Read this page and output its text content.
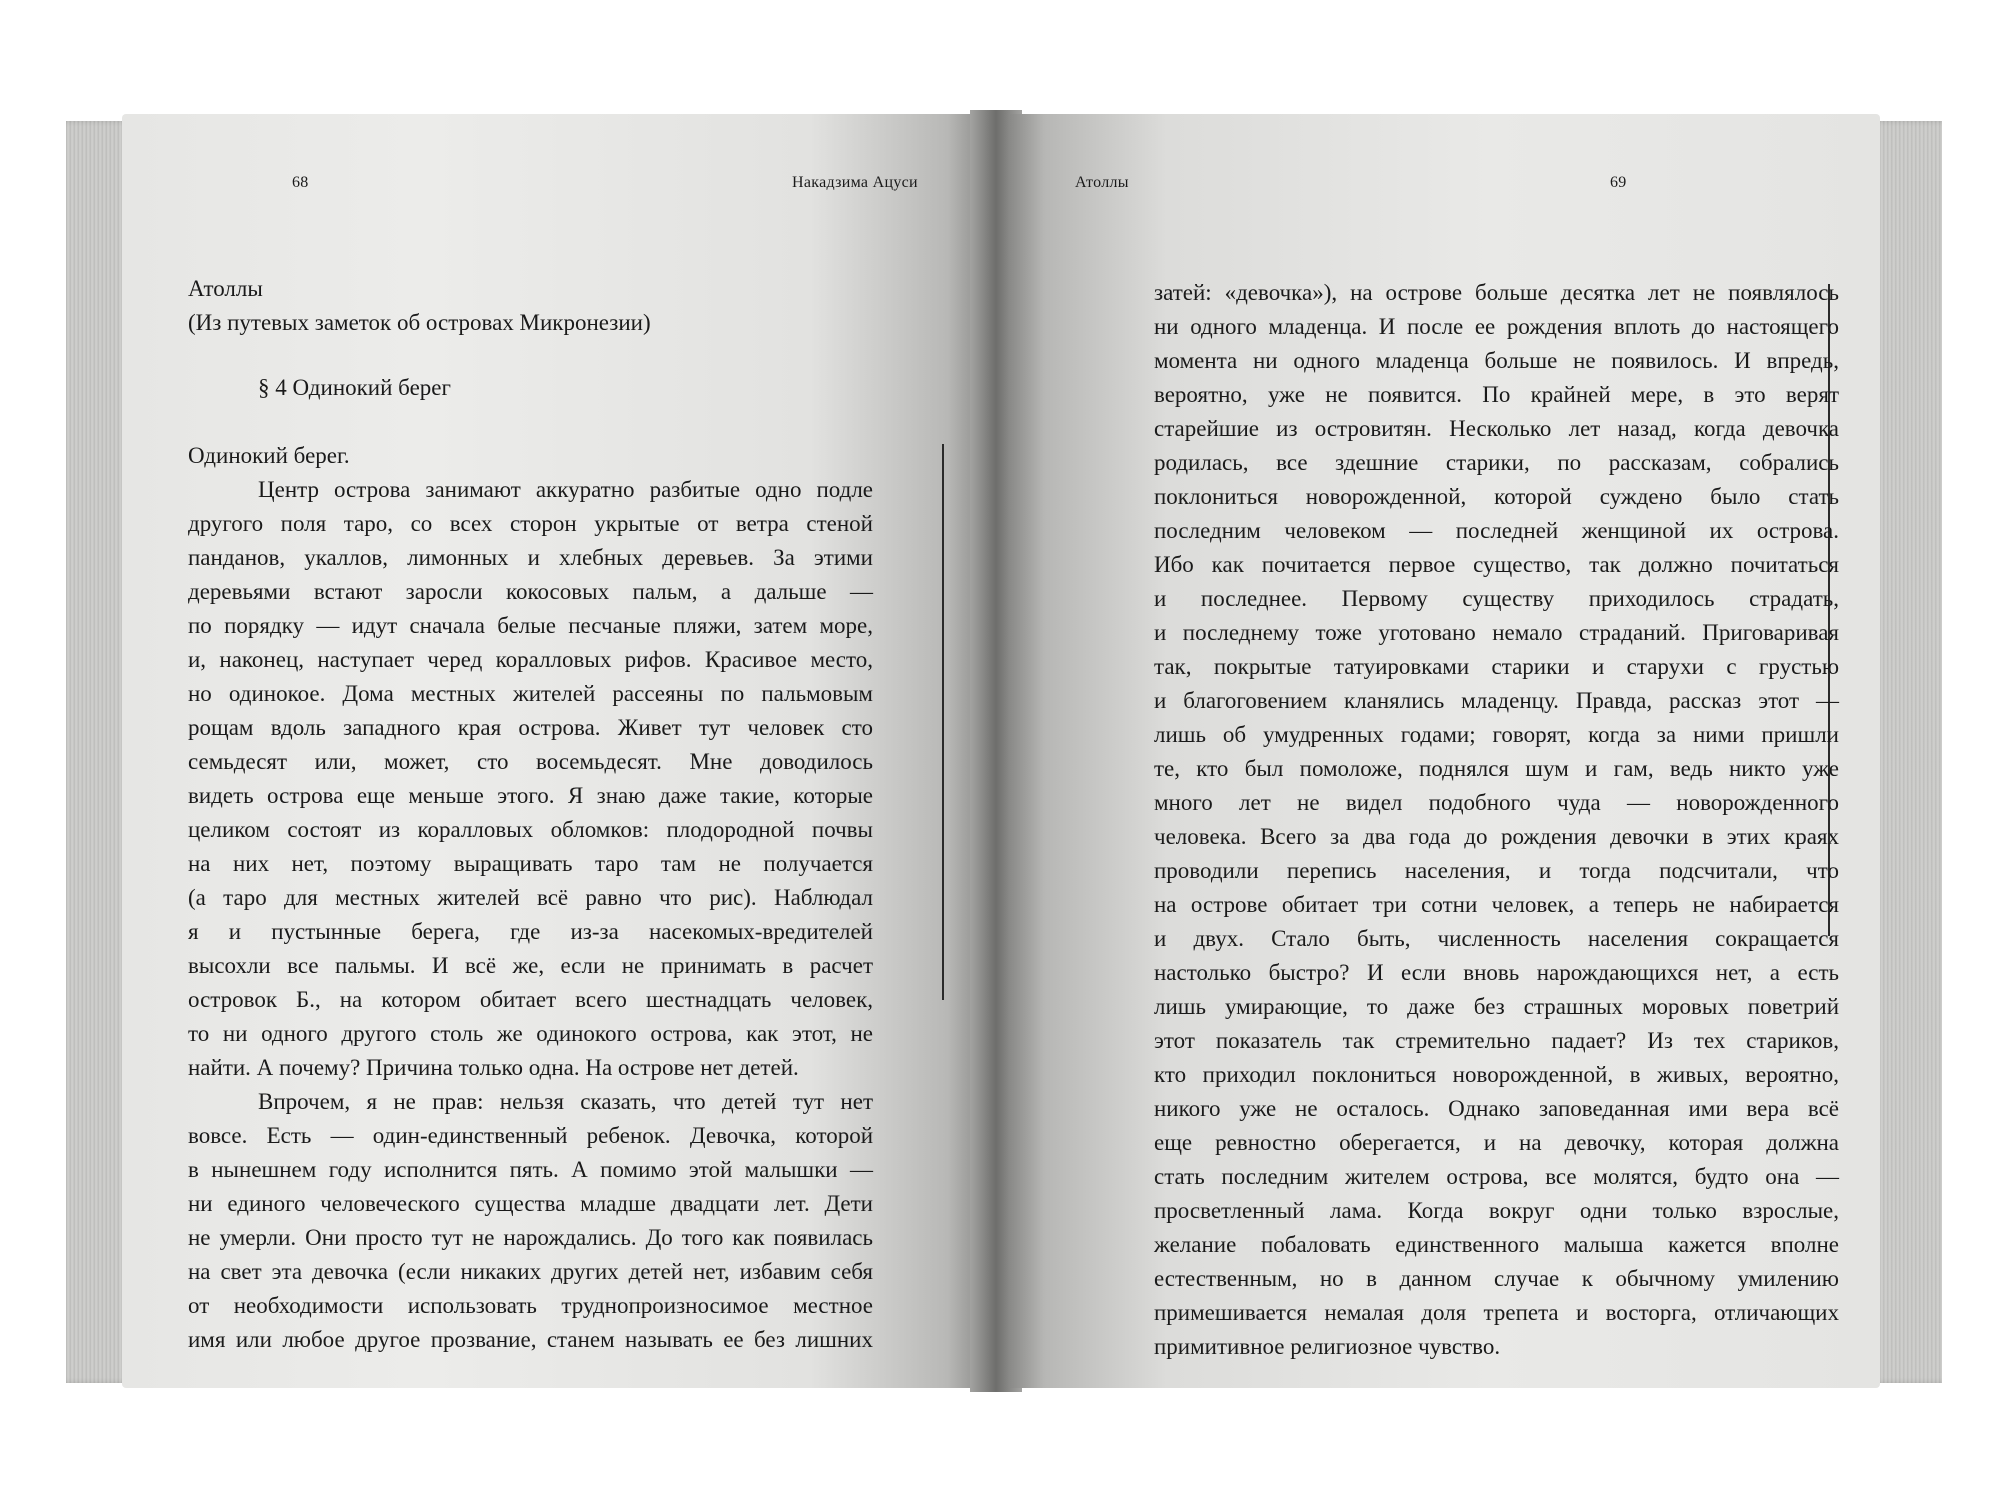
68	Накадзима Ацуси
Атоллы
(Из путевых заметок об островах Микронезии)
§ 4 Одинокий берег
Одинокий берег.
Центр острова занимают аккуратно разбитые одно подле
другого поля таро, со всех сторон укрытые от ветра стеной
панданов, укаллов, лимонных и хлебных деревьев. За этими
деревьями встают заросли кокосовых пальм, а дальше —
по порядку — идут сначала белые песчаные пляжи, затем море,
и, наконец, наступает черед коралловых рифов. Красивое место,
но одинокое. Дома местных жителей рассеяны по пальмовым
рощам вдоль западного края острова. Живет тут человек сто
семьдесят или, может, сто восемьдесят. Мне доводилось
видеть острова еще меньше этого. Я знаю даже такие, которые
целиком состоят из коралловых обломков: плодородной почвы
на них нет, поэтому выращивать таро там не получается
(а таро для местных жителей всё равно что рис). Наблюдал
я и пустынные берега, где из-за насекомых-вредителей
высохли все пальмы. И всё же, если не принимать в расчет
островок Б., на котором обитает всего шестнадцать человек,
то ни одного другого столь же одинокого острова, как этот, не
найти. А почему? Причина только одна. На острове нет детей.
Впрочем, я не прав: нельзя сказать, что детей тут нет
вовсе. Есть — один-единственный ребенок. Девочка, которой
в нынешнем году исполнится пять. А помимо этой малышки —
ни единого человеческого существа младше двадцати лет. Дети
не умерли. Они просто тут не нарождались. До того как появилась
на свет эта девочка (если никаких других детей нет, избавим себя
от необходимости использовать труднопроизносимое местное
имя или любое другое прозвание, станем называть ее без лишних
Атоллы	69
затей: «девочка»), на острове больше десятка лет не появлялось
ни одного младенца. И после ее рождения вплоть до настоящего
момента ни одного младенца больше не появилось. И впредь,
вероятно, уже не появится. По крайней мере, в это верят
старейшие из островитян. Несколько лет назад, когда девочка
родилась, все здешние старики, по рассказам, собрались
поклониться новорожденной, которой суждено было стать
последним человеком — последней женщиной их острова.
Ибо как почитается первое существо, так должно почитаться
и последнее. Первому существу приходилось страдать,
и последнему тоже уготовано немало страданий. Приговаривая
так, покрытые татуировками старики и старухи с грустью
и благоговением кланялись младенцу. Правда, рассказ этот —
лишь об умудренных годами; говорят, когда за ними пришли
те, кто был помоложе, поднялся шум и гам, ведь никто уже
много лет не видел подобного чуда — новорожденного
человека. Всего за два года до рождения девочки в этих краях
проводили перепись населения, и тогда подсчитали, что
на острове обитает три сотни человек, а теперь не набирается
и двух. Стало быть, численность населения сокращается
настолько быстро? И если вновь нарождающихся нет, а есть
лишь умирающие, то даже без страшных моровых поветрий
этот показатель так стремительно падает? Из тех стариков,
кто приходил поклониться новорожденной, в живых, вероятно,
никого уже не осталось. Однако заповеданная ими вера всё
еще ревностно оберегается, и на девочку, которая должна
стать последним жителем острова, все молятся, будто она —
просветленный лама. Когда вокруг одни только взрослые,
желание побаловать единственного малыша кажется вполне
естественным, но в данном случае к обычному умилению
примешивается немалая доля трепета и восторга, отличающих
примитивное религиозное чувство.
